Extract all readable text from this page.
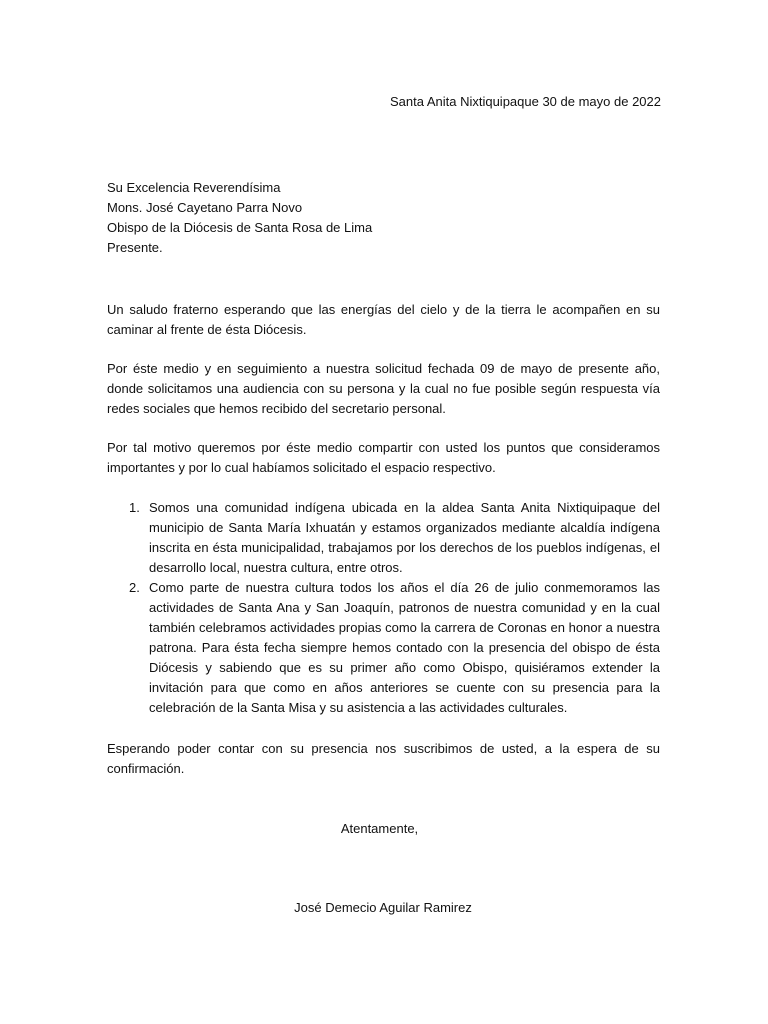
Santa Anita Nixtiquipaque 30 de mayo de 2022
Su Excelencia Reverendísima
Mons. José Cayetano Parra Novo
Obispo de la Diócesis de Santa Rosa de Lima
Presente.

Un saludo fraterno esperando que las energías del cielo y de la tierra le acompañen en su caminar al frente de ésta Diócesis.

Por éste medio y en seguimiento a nuestra solicitud fechada 09 de mayo de presente año, donde solicitamos una audiencia con su persona y la cual no fue posible según respuesta vía redes sociales que hemos recibido del secretario personal.

Por tal motivo queremos por éste medio compartir con usted los puntos que consideramos importantes y por lo cual habíamos solicitado el espacio respectivo.

1. Somos una comunidad indígena ubicada en la aldea Santa Anita Nixtiquipaque del municipio de Santa María Ixhuatán y estamos organizados mediante alcaldía indígena inscrita en ésta municipalidad, trabajamos por los derechos de los pueblos indígenas, el desarrollo local, nuestra cultura, entre otros.
2. Como parte de nuestra cultura todos los años el día 26 de julio conmemoramos las actividades de Santa Ana y San Joaquín, patronos de nuestra comunidad y en la cual también celebramos actividades propias como la carrera de Coronas en honor a nuestra patrona. Para ésta fecha siempre hemos contado con la presencia del obispo de ésta Diócesis y sabiendo que es su primer año como Obispo, quisiéramos extender la invitación para que como en años anteriores se cuente con su presencia para la celebración de la Santa Misa y su asistencia a las actividades culturales.

Esperando poder contar con su presencia nos suscribimos de usted, a la espera de su confirmación.

Atentamente,
José Demecio Aguilar Ramirez
